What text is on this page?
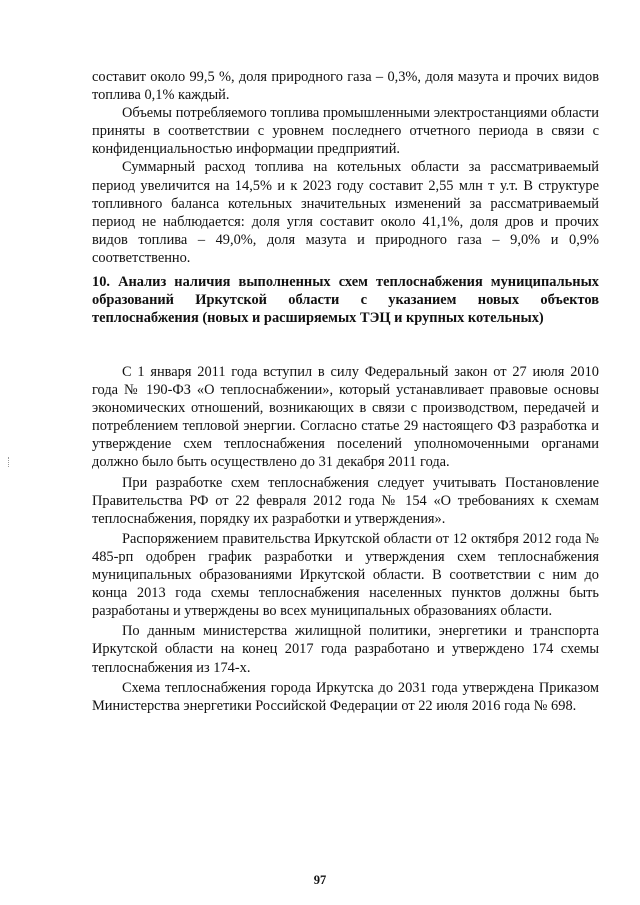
составит около 99,5 %, доля природного газа – 0,3%, доля мазута и прочих видов топлива 0,1% каждый.

Объемы потребляемого топлива промышленными электростанциями области приняты в соответствии с уровнем последнего отчетного периода в связи с конфиденциальностью информации предприятий.

Суммарный расход топлива на котельных области за рассматриваемый период увеличится на 14,5% и к 2023 году составит 2,55 млн т у.т. В структуре топливного баланса котельных значительных изменений за рассматриваемый период не наблюдается: доля угля составит около 41,1%, доля дров и прочих видов топлива – 49,0%, доля мазута и природного газа – 9,0% и 0,9% соответственно.

10. Анализ наличия выполненных схем теплоснабжения муниципальных образований Иркутской области с указанием новых объектов теплоснабжения (новых и расширяемых ТЭЦ и крупных котельных)

С 1 января 2011 года вступил в силу Федеральный закон от 27 июля 2010 года № 190-ФЗ «О теплоснабжении», который устанавливает правовые основы экономических отношений, возникающих в связи с производством, передачей и потреблением тепловой энергии. Согласно статье 29 настоящего ФЗ разработка и утверждение схем теплоснабжения поселений уполномоченными органами должно было быть осуществлено до 31 декабря 2011 года.

При разработке схем теплоснабжения следует учитывать Постановление Правительства РФ от 22 февраля 2012 года № 154 «О требованиях к схемам теплоснабжения, порядку их разработки и утверждения».

Распоряжением правительства Иркутской области от 12 октября 2012 года № 485-рп одобрен график разработки и утверждения схем теплоснабжения муниципальных образованиями Иркутской области. В соответствии с ним до конца 2013 года схемы теплоснабжения населенных пунктов должны быть разработаны и утверждены во всех муниципальных образованиях области.

По данным министерства жилищной политики, энергетики и транспорта Иркутской области на конец 2017 года разработано и утверждено 174 схемы теплоснабжения из 174-х.

Схема теплоснабжения города Иркутска до 2031 года утверждена Приказом Министерства энергетики Российской Федерации от 22 июля 2016 года № 698.

97
